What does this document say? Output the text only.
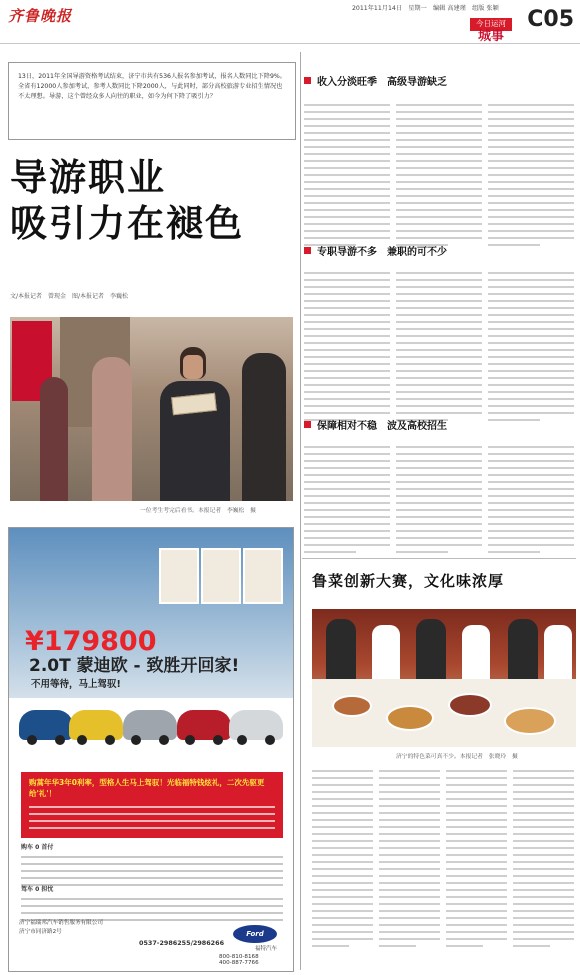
齐鲁晚报	2011年11月14日　星期一　编辑 高建瑾　组版 张颖 C05
今日运河
城事

13日，2011年全国导游资格考试结束，济宁市共有536人报名参加考试，报名人数同比下降9%。全省有12000人参加考试，参考人数同比下降2000人，与此同时，部分高校旅游专业招生情况也不太理想。导游，这个曾经众多人向往的职业，如今为何下降了吸引力？

导游职业
吸引力在褪色
文/本报记者　曾现金　图/本报记者　李巍松
一位考生考完后看书。本报记者　李巍松　摄
¥179800
2.0T 蒙迪欧 - 致胜开回家!
不用等待，马上驾驭!
购蒿年华3年0利率，型格人生马上驾驭！光临福特钱炫礼，二次先驱更给'礼'！
购车 0 首付
驾车 0 担忧
济宁福瑞邦汽车销售服务有限公司
济宁市同济路2号
0537-2986255/2986266
Ford
福特汽车
800-810-8168
400-887-7766
收入分淡旺季　高级导游缺乏
专职导游不多　兼职的可不少
保障相对不稳　波及高校招生
鲁菜创新大赛，文化味浓厚
济宁的特色菜可真不少。本报记者　张晓玲　摄
